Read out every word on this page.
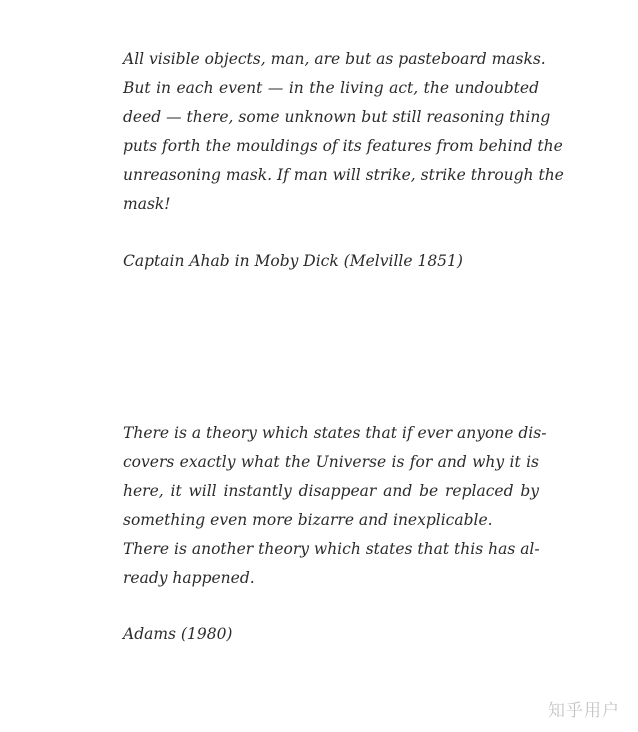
All visible objects, man, are but as pasteboard masks.
But in each event — in the living act, the undoubted
deed — there, some unknown but still reasoning thing
puts forth the mouldings of its features from behind the
unreasoning mask. If man will strike, strike through the
mask!
Captain Ahab in Moby Dick (Melville 1851)
There is a theory which states that if ever anyone dis-
covers exactly what the Universe is for and why it is
here, it will instantly disappear and be replaced by
something even more bizarre and inexplicable.
There is another theory which states that this has al-
ready happened.
Adams (1980)
知乎用户
